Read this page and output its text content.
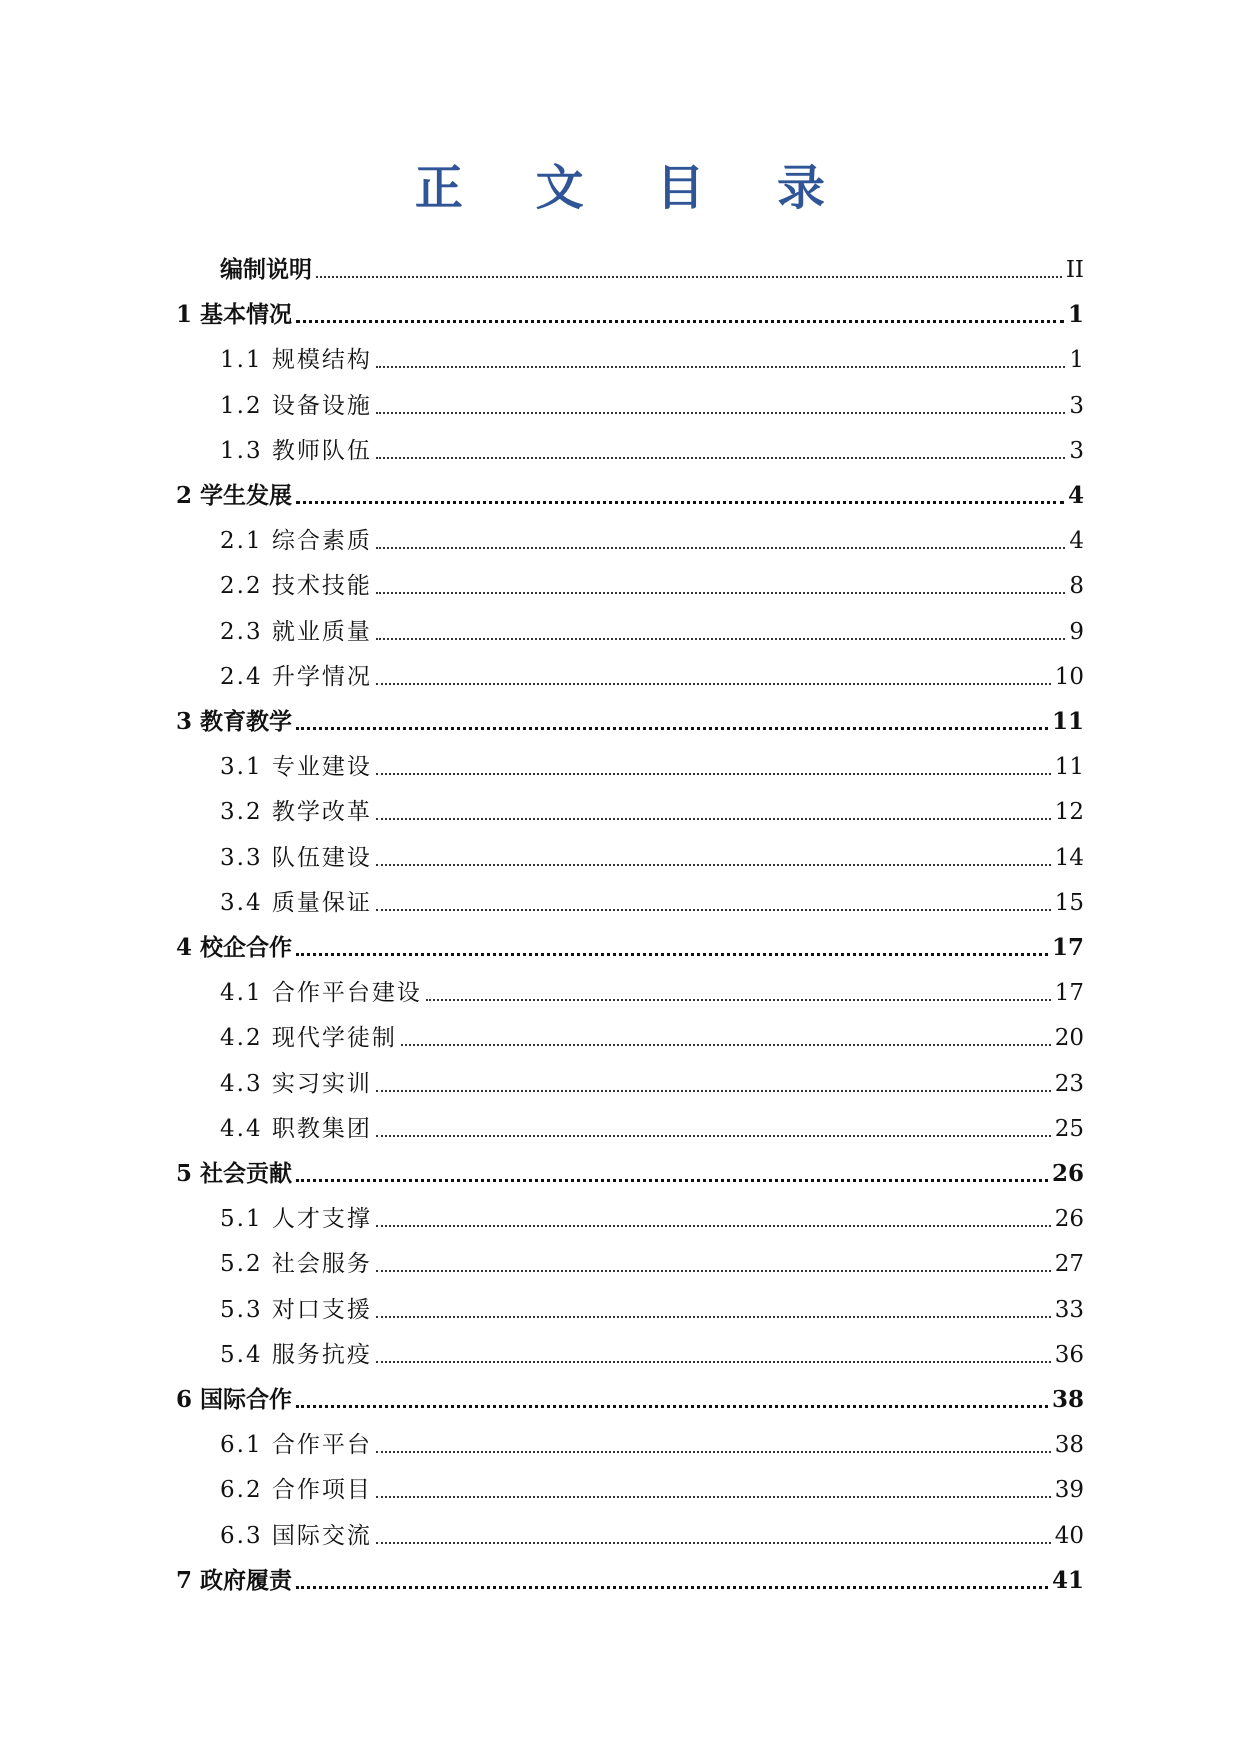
正 文 目 录
编制说明	II
1 基本情况	1
1.1 规模结构	1
1.2 设备设施	3
1.3 教师队伍	3
2 学生发展	4
2.1 综合素质	4
2.2 技术技能	8
2.3 就业质量	9
2.4 升学情况	10
3 教育教学	11
3.1 专业建设	11
3.2 教学改革	12
3.3 队伍建设	14
3.4 质量保证	15
4 校企合作	17
4.1 合作平台建设	17
4.2 现代学徒制	20
4.3 实习实训	23
4.4 职教集团	25
5 社会贡献	26
5.1 人才支撑	26
5.2 社会服务	27
5.3 对口支援	33
5.4 服务抗疫	36
6 国际合作	38
6.1 合作平台	38
6.2 合作项目	39
6.3 国际交流	40
7 政府履责	41
